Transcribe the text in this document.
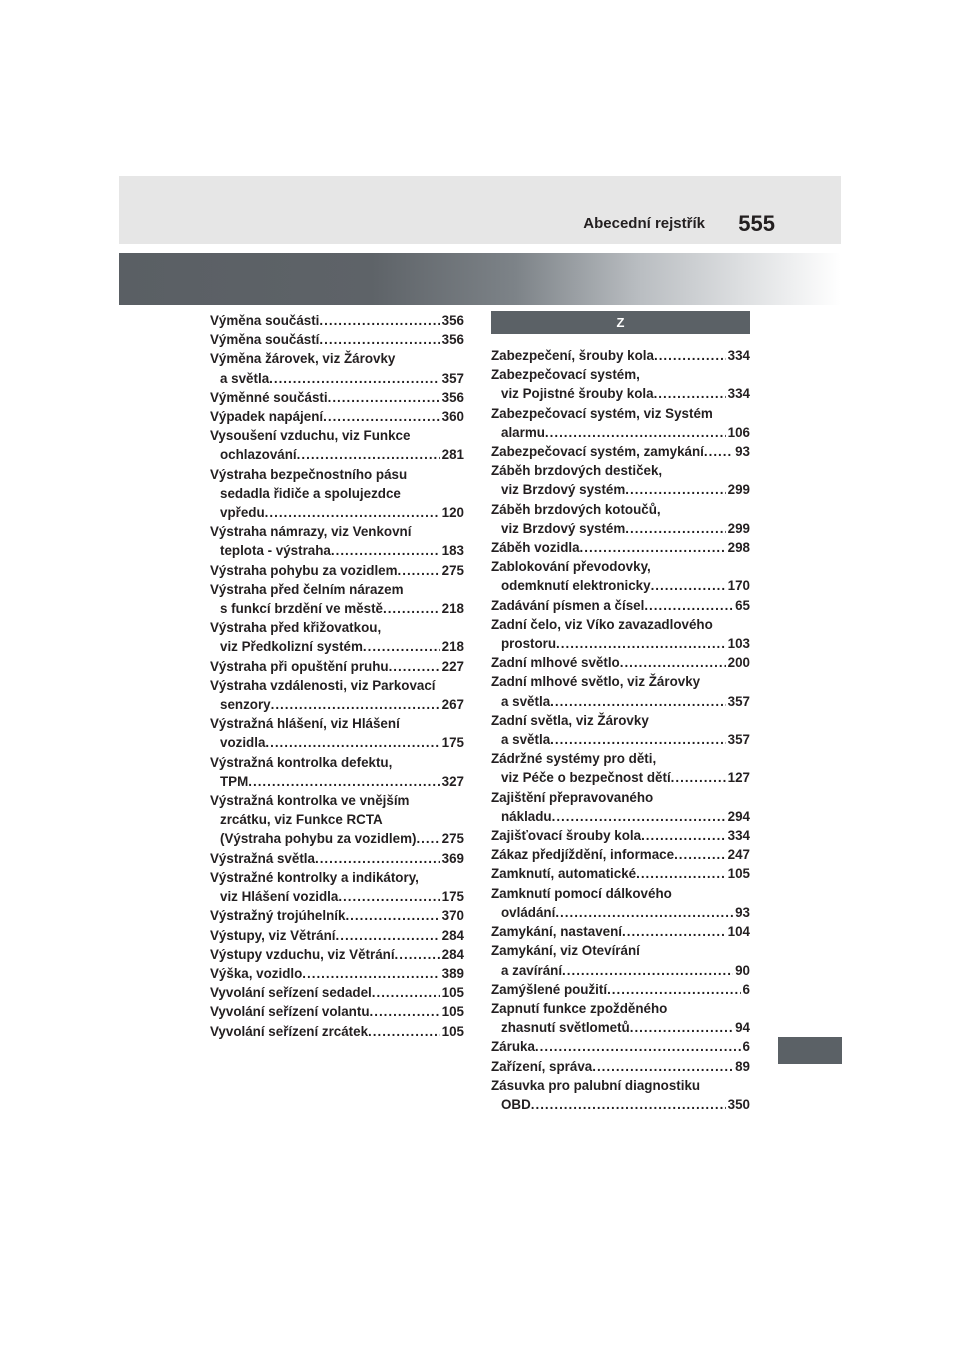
Abecední rejstřík 555
Výměna součásti .....	356
Výměna součástí .....	356
Výměna žárovek, viz Žárovky
a světla .....	357
Výměnné součásti .....	356
Výpadek napájení .....	360
Vysoušení vzduchu, viz Funkce
ochlazování .....	281
Výstraha bezpečnostního pásu
sedadla řidiče a spolujezdce
vpředu .....	120
Výstraha námrazy, viz Venkovní
teplota - výstraha .....	183
Výstraha pohybu za vozidlem .....	275
Výstraha před čelním nárazem
s funkcí brzdění ve městě .....	218
Výstraha před křižovatkou,
viz Předkolizní systém .....	218
Výstraha při opuštění pruhu .....	227
Výstraha vzdálenosti, viz Parkovací
senzory .....	267
Výstražná hlášení, viz Hlášení
vozidla .....	175
Výstražná kontrolka defektu,
TPM .....	327
Výstražná kontrolka ve vnějším
zrcátku, viz Funkce RCTA
(Výstraha pohybu za vozidlem) ..... 275
Výstražná světla .....	369
Výstražné kontrolky a indikátory,
viz Hlášení vozidla .....	175
Výstražný trojúhelník .....	370
Výstupy, viz Větrání .....	284
Výstupy vzduchu, viz Větrání .....	284
Výška, vozidlo .....	389
Vyvolání seřízení sedadel .....	105
Vyvolání seřízení volantu .....	105
Vyvolání seřízení zrcátek .....	105
Z
Zabezpečení, šrouby kola .....	334
Zabezpečovací systém,
viz Pojistné šrouby kola .....	334
Zabezpečovací systém, viz Systém
alarmu .....	106
Zabezpečovací systém, zamykání ..... 93
Záběh brzdových destiček,
viz Brzdový systém .....	299
Záběh brzdových kotoučů,
viz Brzdový systém .....	299
Záběh vozidla .....	298
Zablokování převodovky,
odemknutí elektronicky .....	170
Zadávání písmen a čísel .....	65
Zadní čelo, viz Víko zavazadlového
prostoru .....	103
Zadní mlhové světlo .....	200
Zadní mlhové světlo, viz Žárovky
a světla .....	357
Zadní světla, viz Žárovky
a světla .....	357
Zádržné systémy pro děti,
viz Péče o bezpečnost dětí .....	127
Zajištění přepravovaného
nákladu .....	294
Zajišťovací šrouby kola .....	334
Zákaz předjíždění, informace .....	247
Zamknutí, automatické .....	105
Zamknutí pomocí dálkového
ovládání .....	93
Zamykání, nastavení .....	104
Zamykání, viz Otevírání
a zavírání .....	90
Zamýšlené použití .....	6
Zapnutí funkce zpožděného
zhasnutí světlometů .....	94
Záruka .....	6
Zařízení, správa .....	89
Zásuvka pro palubní diagnostiku
OBD .....	350
